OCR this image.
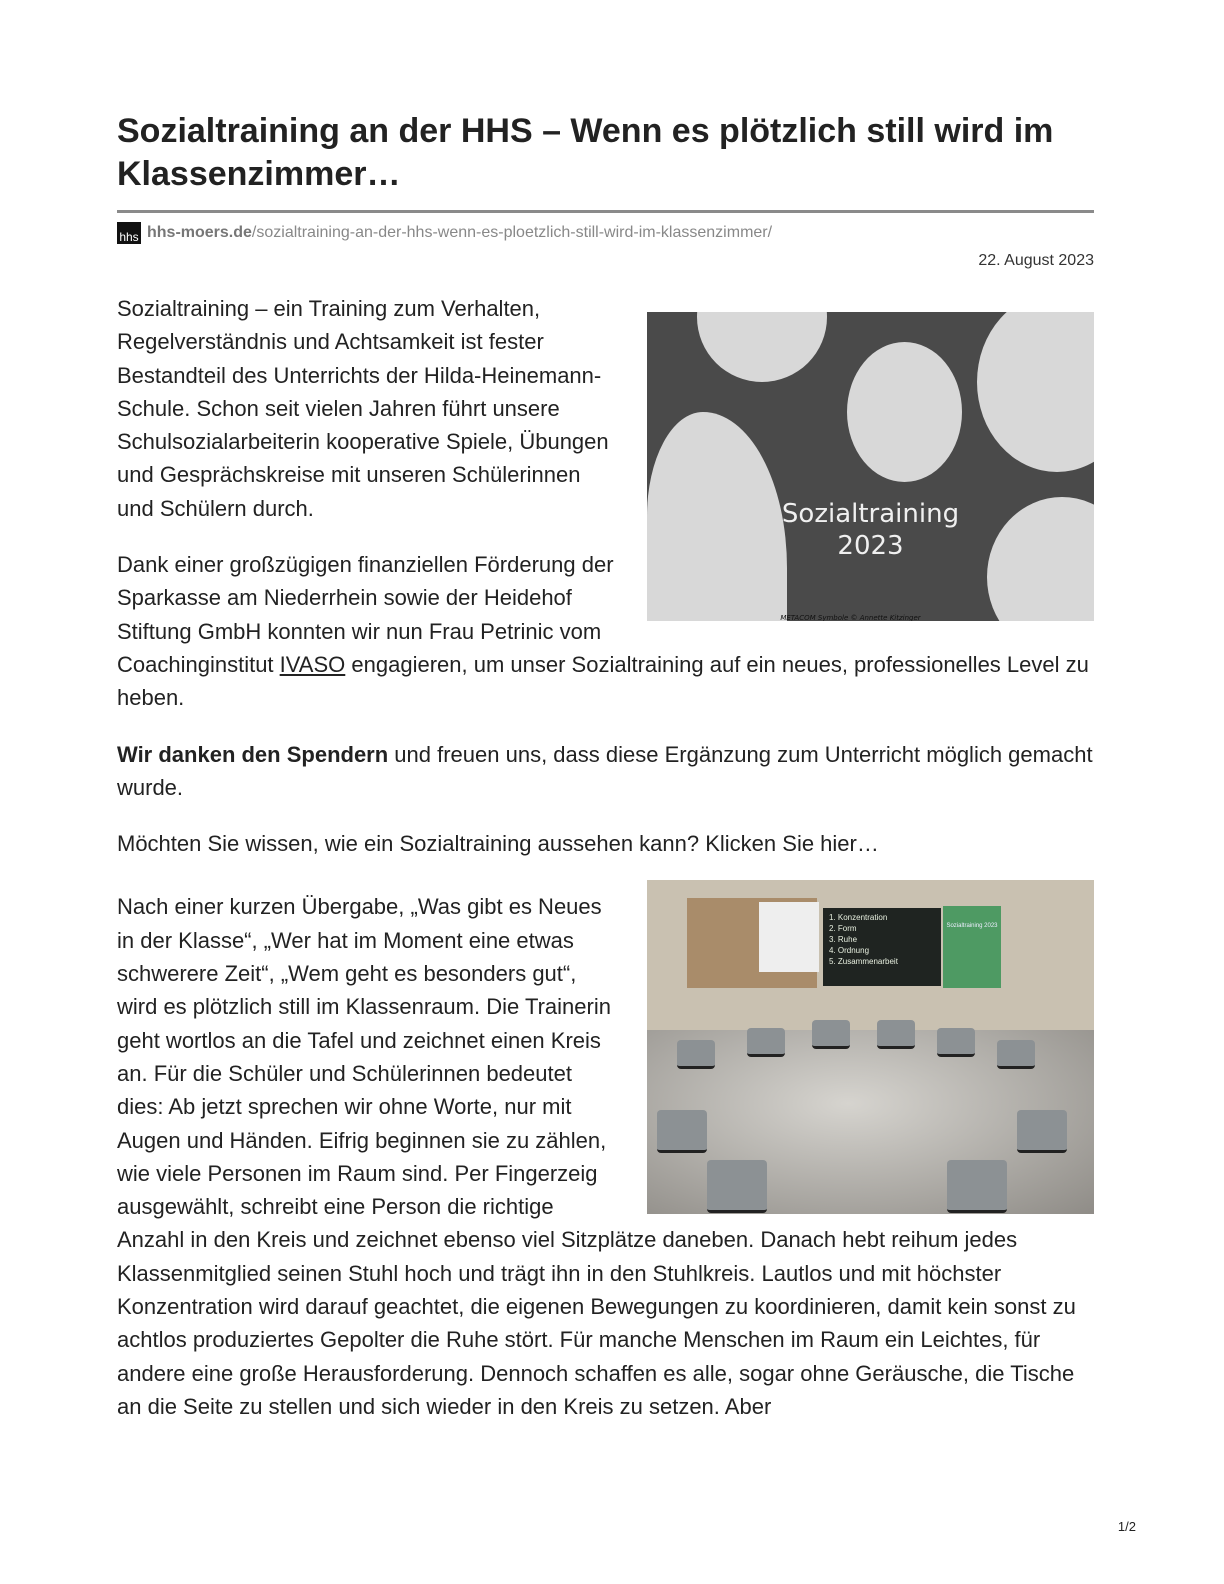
Sozialtraining an der HHS – Wenn es plötzlich still wird im Klassenzimmer…
hhs hhs-moers.de /sozialtraining-an-der-hhs-wenn-es-ploetzlich-still-wird-im-klassenzimmer/
22. August 2023
Sozialtraining
2023
METACOM Symbole © Annette Kitzinger

Sozialtraining – ein Training zum Verhalten, Regelverständnis und Achtsamkeit ist fester Bestandteil des Unterrichts der Hilda-Heinemann-Schule. Schon seit vielen Jahren führt unsere Schulsozialarbeiterin kooperative Spiele, Übungen und Gesprächskreise mit unseren Schülerinnen und Schülern durch.

Dank einer großzügigen finanziellen Förderung der Sparkasse am Niederrhein sowie der Heidehof Stiftung GmbH konnten wir nun Frau Petrinic vom Coachinginstitut IVASO engagieren, um unser Sozialtraining auf ein neues, professionelles Level zu heben.

Wir danken den Spendern und freuen uns, dass diese Ergänzung zum Unterricht möglich gemacht wurde.

Möchten Sie wissen, wie ein Sozialtraining aussehen kann? Klicken Sie hier…

1. Konzentration
2. Form
3. Ruhe
4. Ordnung
5. Zusammenarbeit
Sozialtraining 2023

Nach einer kurzen Übergabe, „Was gibt es Neues in der Klasse“, „Wer hat im Moment eine etwas schwerere Zeit“, „Wem geht es besonders gut“, wird es plötzlich still im Klassenraum. Die Trainerin geht wortlos an die Tafel und zeichnet einen Kreis an. Für die Schüler und Schülerinnen bedeutet dies: Ab jetzt sprechen wir ohne Worte, nur mit Augen und Händen. Eifrig beginnen sie zu zählen, wie viele Personen im Raum sind. Per Fingerzeig ausgewählt, schreibt eine Person die richtige Anzahl in den Kreis und zeichnet ebenso viel Sitzplätze daneben. Danach hebt reihum jedes Klassenmitglied seinen Stuhl hoch und trägt ihn in den Stuhlkreis. Lautlos und mit höchster Konzentration wird darauf geachtet, die eigenen Bewegungen zu koordinieren, damit kein sonst zu achtlos produziertes Gepolter die Ruhe stört. Für manche Menschen im Raum ein Leichtes, für andere eine große Herausforderung. Dennoch schaffen es alle, sogar ohne Geräusche, die Tische an die Seite zu stellen und sich wieder in den Kreis zu setzen. Aber

1/2
